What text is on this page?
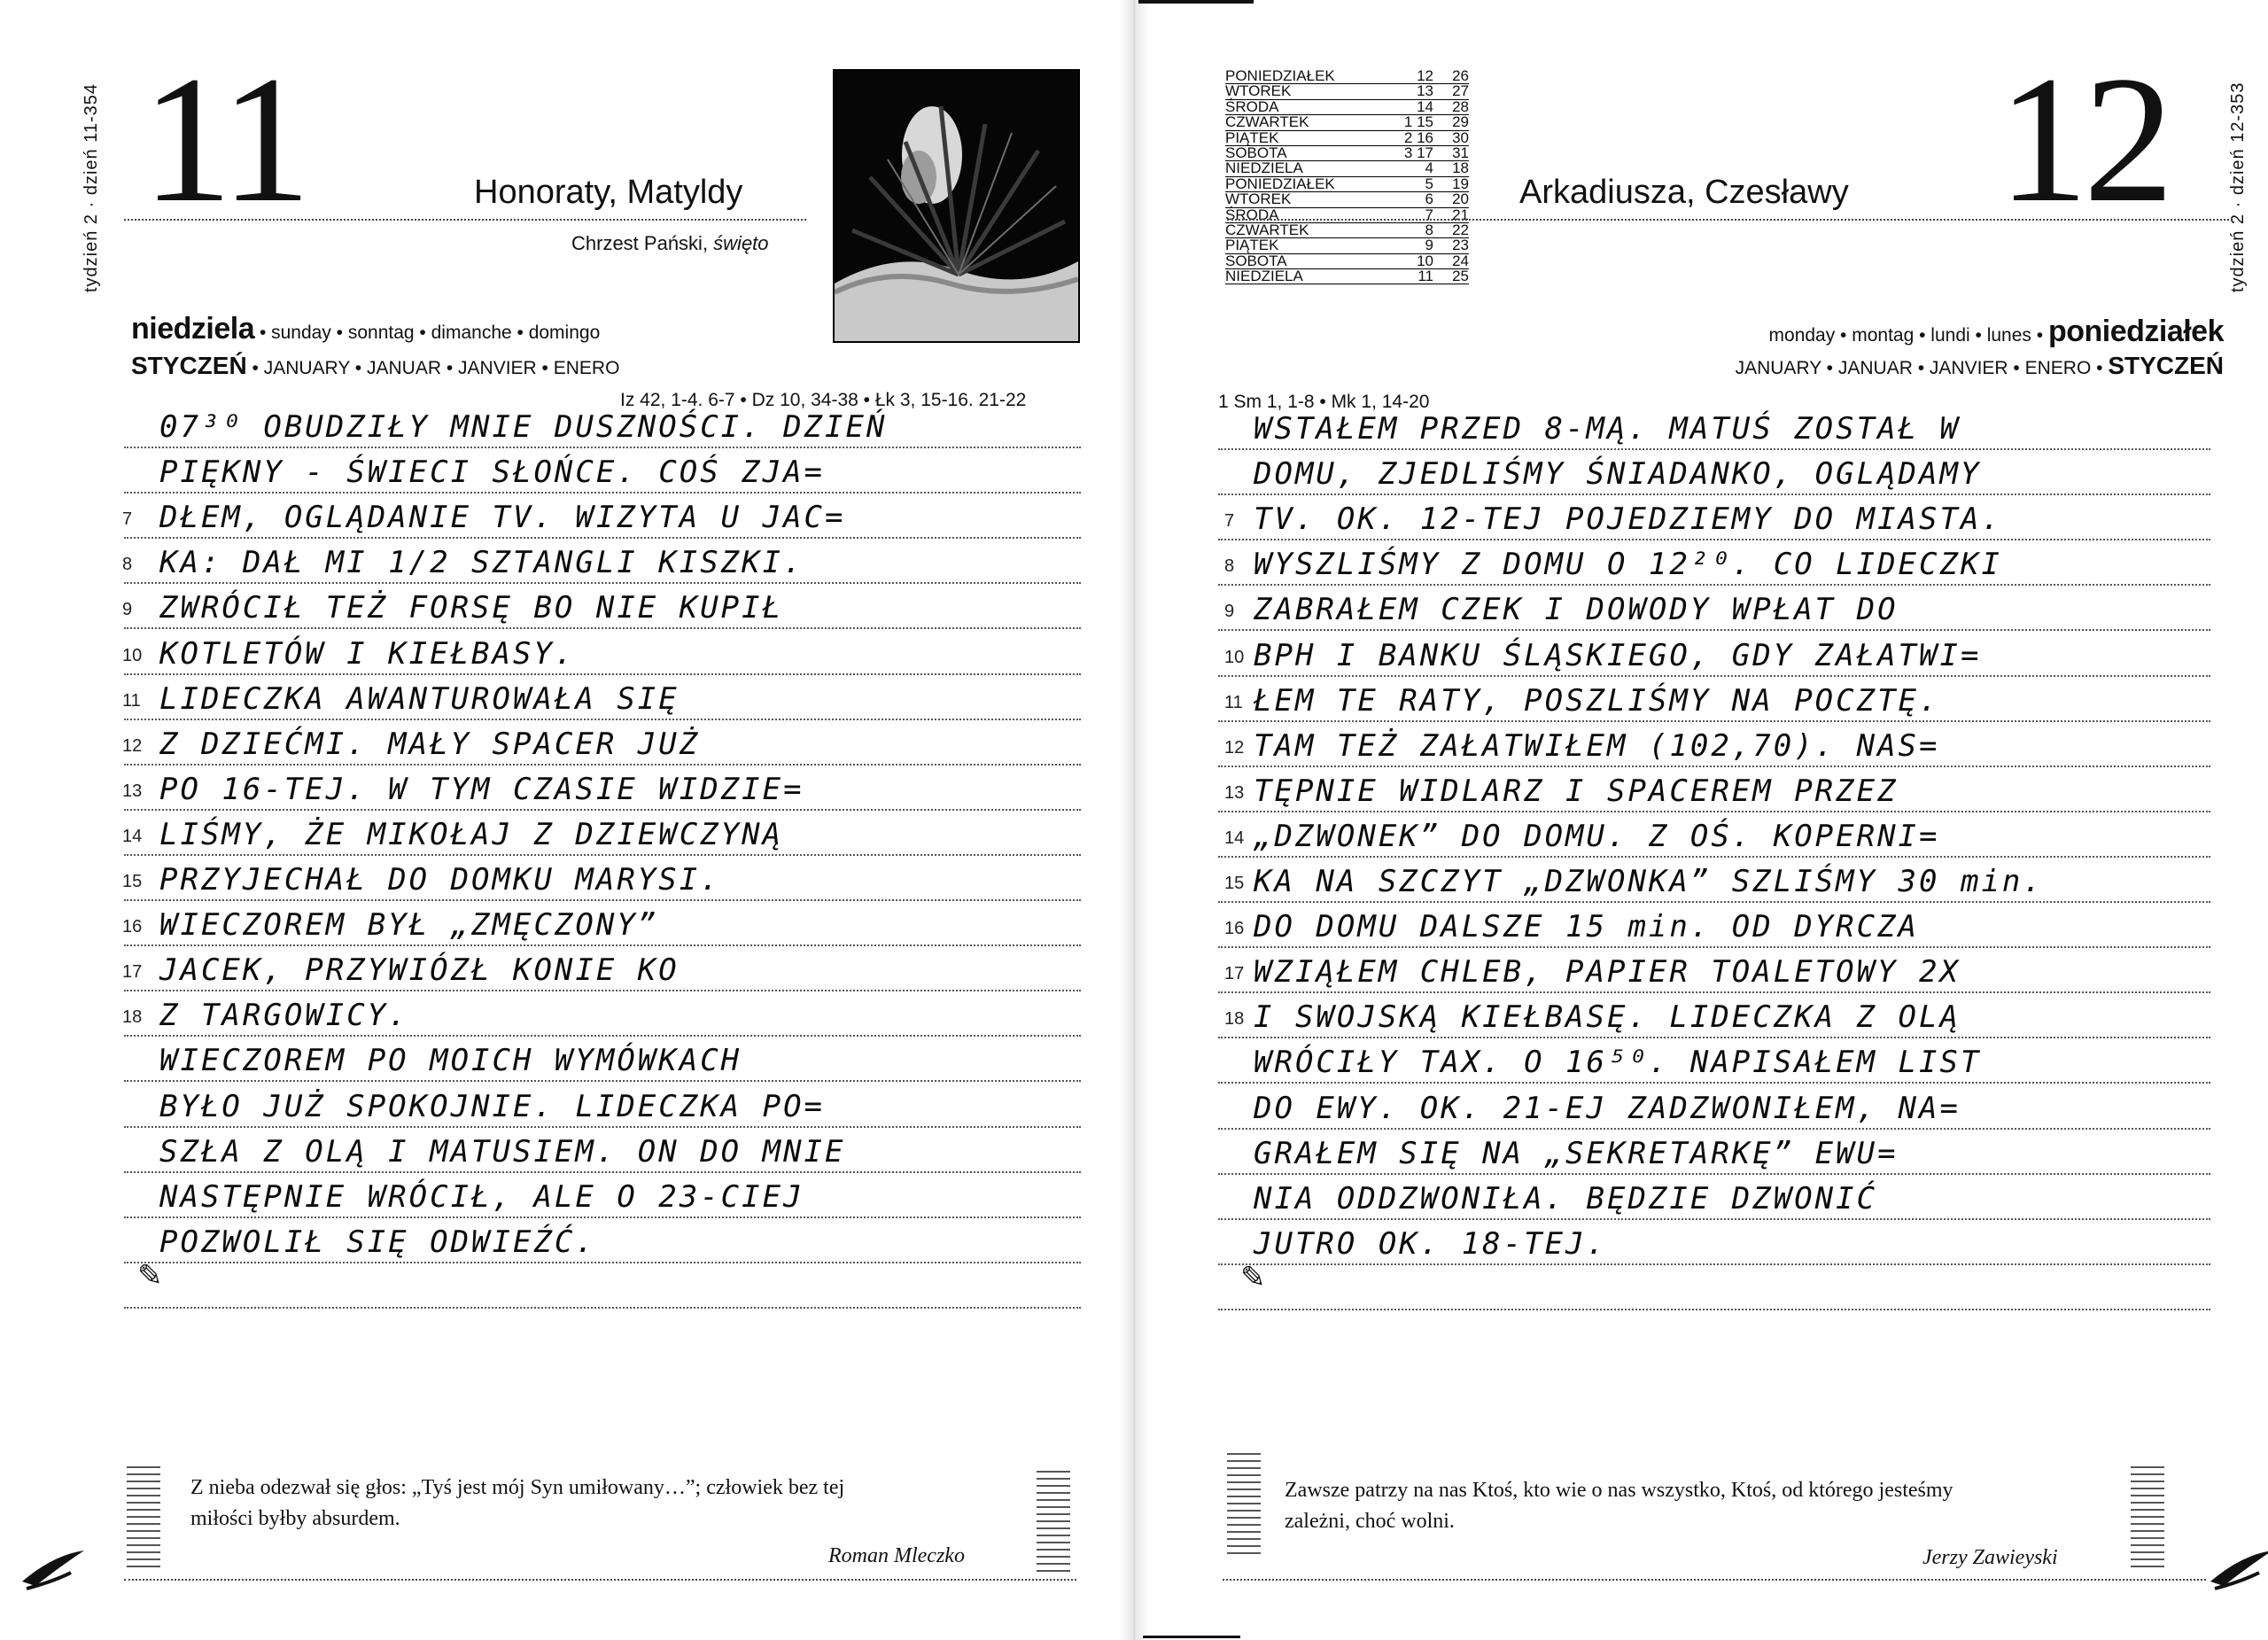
tydzień 2 · dzień 11-354 11	Honoraty, Matyldy
Chrzest Pański, święto
niedziela • sunday • sonntag • dimanche • domingo
STYCZEŃ • JANUARY • JANUAR • JANVIER • ENERO
Iz 42, 1-4. 6-7 • Dz 10, 34-38 • Łk 3, 15-16. 21-22
07³⁰ OBUDZIŁY MNIE DUSZNOŚCI. DZIEŃ
PIĘKNY - ŚWIECI SŁOŃCE. COŚ ZJA=
7 DŁEM, OGLĄDANIE TV. WIZYTA U JAC=
8 KA: DAŁ MI 1/2 SZTANGLI KISZKI.
9 ZWRÓCIŁ TEŻ FORSĘ BO NIE KUPIŁ
10 KOTLETÓW I KIEŁBASY.
11 LIDECZKA AWANTUROWAŁA SIĘ
12 Z DZIEĆMI. MAŁY SPACER JUŻ
13 PO 16-TEJ. W TYM CZASIE WIDZIE=
14 LIŚMY, ŻE MIKOŁAJ Z DZIEWCZYNĄ
15 PRZYJECHAŁ DO DOMKU MARYSI.
16 WIECZOREM BYŁ „ZMĘCZONY”
17 JACEK, PRZYWIÓZŁ KONIE KO
18 Z TARGOWICY.
WIECZOREM PO MOICH WYMÓWKACH
BYŁO JUŻ SPOKOJNIE. LIDECZKA PO=
SZŁA Z OLĄ I MATUSIEM. ON DO MNIE
NASTĘPNIE WRÓCIŁ, ALE O 23-CIEJ
POZWOLIŁ SIĘ ODWIEŹĆ.
✎
Z nieba odezwał się głos: „Tyś jest mój Syn umiłowany…”; człowiek bez tej miłości byłby absurdem.
Roman Mleczko
tydzień 2 · dzień 12-353
PONIEDZIAŁEK	12	26
WTOREK	13	27
ŚRODA	14	28
CZWARTEK	1 15	29
PIĄTEK	2 16	30
SOBOTA	3 17	31
NIEDZIELA	4	18
PONIEDZIAŁEK	5	19
WTOREK	6	20
ŚRODA	7	21
CZWARTEK	8	22
PIĄTEK	9	23
SOBOTA	10	24
NIEDZIELA	11	25
Arkadiusza, Czesławy 12
monday • montag • lundi • lunes • poniedziałek
JANUARY • JANUAR • JANVIER • ENERO • STYCZEŃ
1 Sm 1, 1-8 • Mk 1, 14-20
WSTAŁEM PRZED 8-MĄ. MATUŚ ZOSTAŁ W
DOMU, ZJEDLIŚMY ŚNIADANKO, OGLĄDAMY
7 TV. OK. 12-TEJ POJEDZIEMY DO MIASTA.
8 WYSZLIŚMY Z DOMU O 12²⁰. CO LIDECZKI
9 ZABRAŁEM CZEK I DOWODY WPŁAT DO
10 BPH I BANKU ŚLĄSKIEGO, GDY ZAŁATWI=
11 ŁEM TE RATY, POSZLIŚMY NA POCZTĘ.
12 TAM TEŻ ZAŁATWIŁEM (102,70). NAS=
13 TĘPNIE WIDLARZ I SPACEREM PRZEZ
14 „DZWONEK” DO DOMU. Z OŚ. KOPERNI=
15 KA NA SZCZYT „DZWONKA” SZLIŚMY 30 min.
16 DO DOMU DALSZE 15 min. OD DYRCZA
17 WZIĄŁEM CHLEB, PAPIER TOALETOWY 2X
18 I SWOJSKĄ KIEŁBASĘ. LIDECZKA Z OLĄ
WRÓCIŁY TAX. O 16⁵⁰. NAPISAŁEM LIST
DO EWY. OK. 21-EJ ZADZWONIŁEM, NA=
GRAŁEM SIĘ NA „SEKRETARKĘ” EWU=
NIA ODDZWONIŁA. BĘDZIE DZWONIĆ
JUTRO OK. 18-TEJ.
✎
Zawsze patrzy na nas Ktoś, kto wie o nas wszystko, Ktoś, od którego jesteśmy zależni, choć wolni.
Jerzy Zawieyski
